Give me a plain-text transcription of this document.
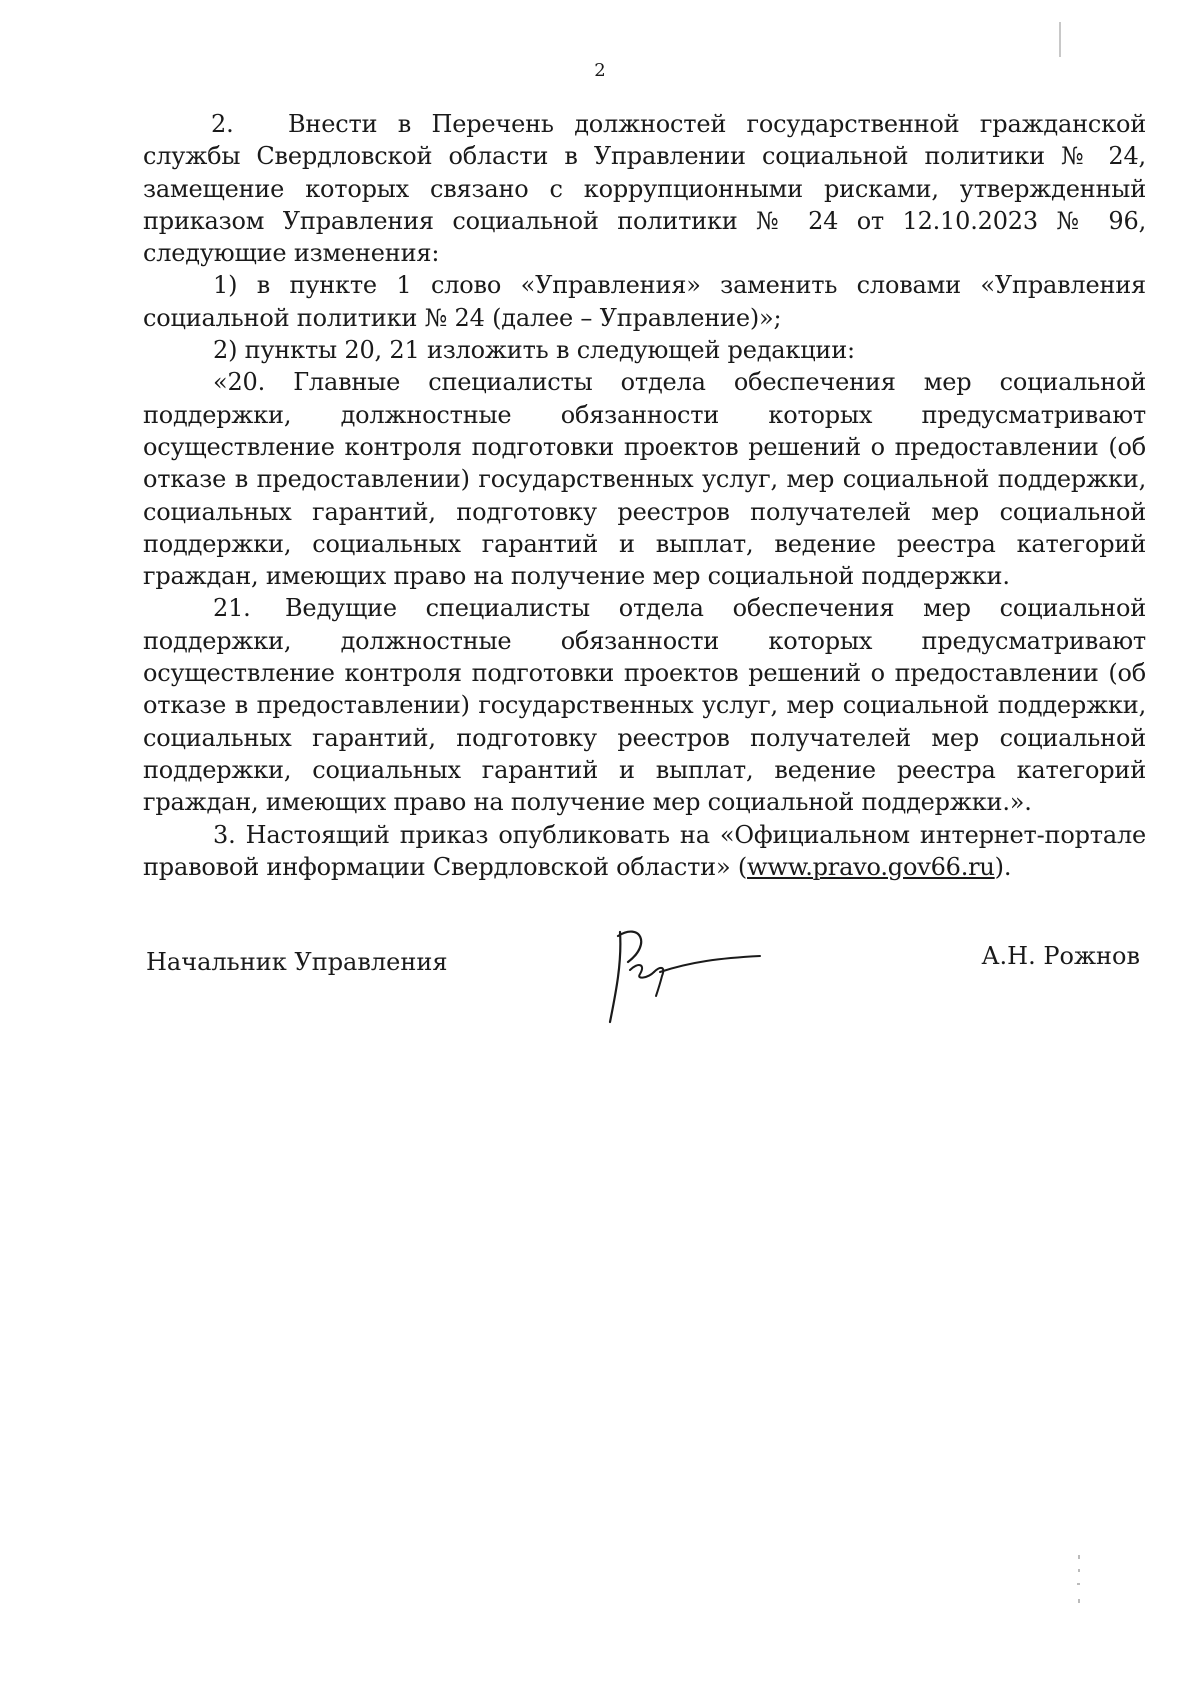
2

2. Внести в Перечень должностей государственной гражданской службы Свердловской области в Управлении социальной политики № 24, замещение которых связано с коррупционными рисками, утвержденный приказом Управления социальной политики № 24 от 12.10.2023 № 96, следующие изменения:

1) в пункте 1 слово «Управления» заменить словами «Управления социальной политики № 24 (далее – Управление)»;

2) пункты 20, 21 изложить в следующей редакции:

«20. Главные специалисты отдела обеспечения мер социальной поддержки, должностные обязанности которых предусматривают осуществление контроля подготовки проектов решений о предоставлении (об отказе в предоставлении) государственных услуг, мер социальной поддержки, социальных гарантий, подготовку реестров получателей мер социальной поддержки, социальных гарантий и выплат, ведение реестра категорий граждан, имеющих право на получение мер социальной поддержки.

21. Ведущие специалисты отдела обеспечения мер социальной поддержки, должностные обязанности которых предусматривают осуществление контроля подготовки проектов решений о предоставлении (об отказе в предоставлении) государственных услуг, мер социальной поддержки, социальных гарантий, подготовку реестров получателей мер социальной поддержки, социальных гарантий и выплат, ведение реестра категорий граждан, имеющих право на получение мер социальной поддержки.».

3. Настоящий приказ опубликовать на «Официальном интернет-портале правовой информации Свердловской области» (www.pravo.gov66.ru).

Начальник Управления	А.Н. Рожнов
